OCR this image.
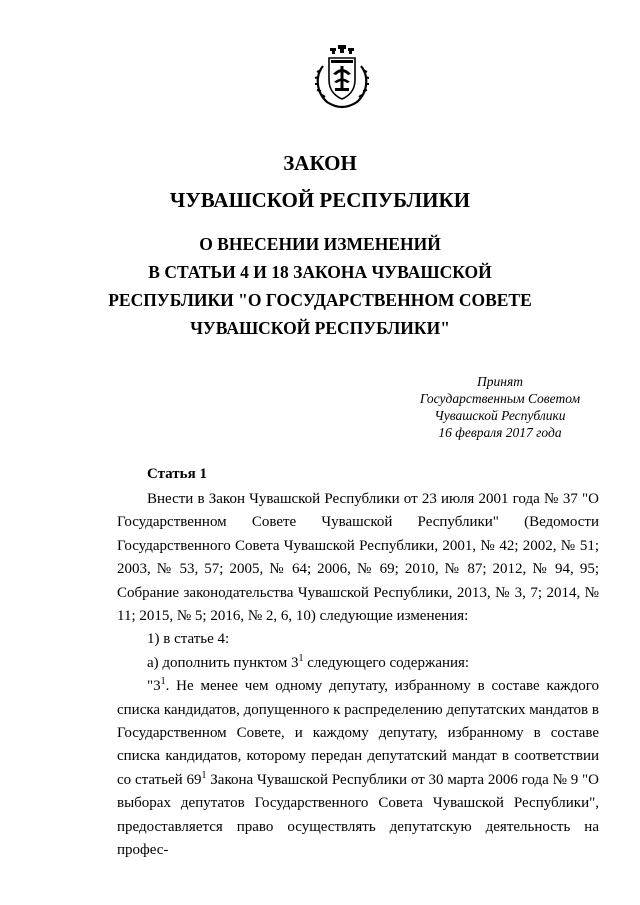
ЗАКОН
ЧУВАШСКОЙ РЕСПУБЛИКИ
О ВНЕСЕНИИ ИЗМЕНЕНИЙ
В СТАТЬИ 4 И 18 ЗАКОНА ЧУВАШСКОЙ
РЕСПУБЛИКИ "О ГОСУДАРСТВЕННОМ СОВЕТЕ
ЧУВАШСКОЙ РЕСПУБЛИКИ"
Принят
Государственным Советом
Чувашской Республики
16 февраля 2017 года
Статья 1

Внести в Закон Чувашской Республики от 23 июля 2001 года № 37 "О Государственном Совете Чувашской Республики" (Ведомости Государственного Совета Чувашской Республики, 2001, № 42; 2002, № 51; 2003, № 53, 57; 2005, № 64; 2006, № 69; 2010, № 87; 2012, № 94, 95; Собрание законодательства Чувашской Республики, 2013, № 3, 7; 2014, № 11; 2015, № 5; 2016, № 2, 6, 10) следующие изменения:

1) в статье 4:

а) дополнить пунктом $3^1$ следующего содержания:

"$3^1$. Не менее чем одному депутату, избранному в составе каждого списка кандидатов, допущенного к распределению депутатских мандатов в Государственном Совете, и каждому депутату, избранному в составе списка кандидатов, которому передан депутатский мандат в соответствии со статьей $69^1$ Закона Чувашской Республики от 30 марта 2006 года № 9 "О выборах депутатов Государственного Совета Чувашской Республики", предоставляется право осуществлять депутатскую деятельность на профес-
